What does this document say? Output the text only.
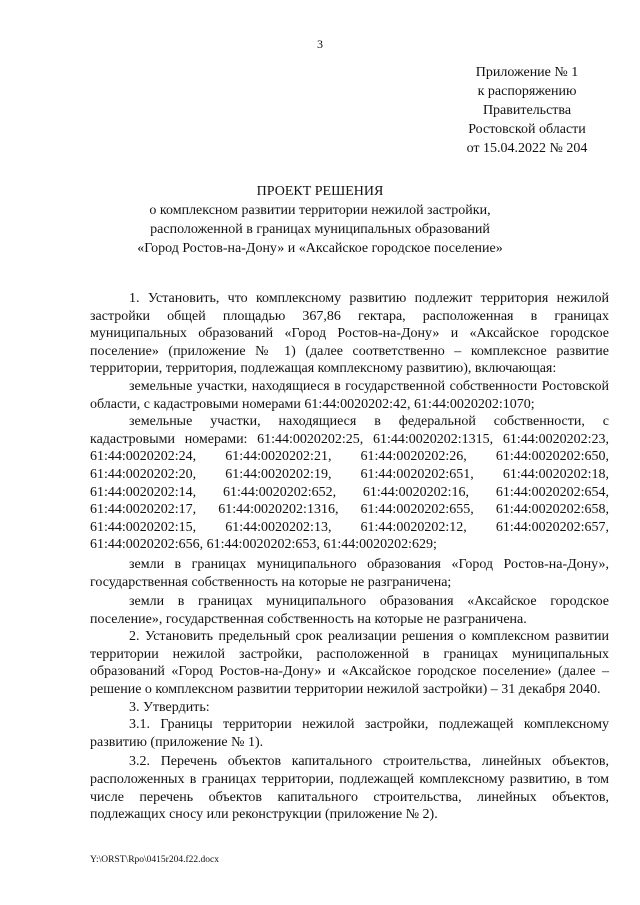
3
Приложение № 1
к распоряжению
Правительства
Ростовской области
от 15.04.2022 № 204
ПРОЕКТ РЕШЕНИЯ
о комплексном развитии территории нежилой застройки,
расположенной в границах муниципальных образований
«Город Ростов-на-Дону» и «Аксайское городское поселение»

1. Установить, что комплексному развитию подлежит территория нежилой застройки общей площадью 367,86 гектара, расположенная в границах муниципальных образований «Город Ростов-на-Дону» и «Аксайское городское поселение» (приложение № 1) (далее соответственно – комплексное развитие территории, территория, подлежащая комплексному развитию), включающая:

земельные участки, находящиеся в государственной собственности Ростовской области, с кадастровыми номерами 61:44:0020202:42, 61:44:0020202:1070;

земельные участки, находящиеся в федеральной собственности, с кадастровыми номерами: 61:44:0020202:25, 61:44:0020202:1315, 61:44:0020202:23, 61:44:0020202:24, 61:44:0020202:21, 61:44:0020202:26, 61:44:0020202:650, 61:44:0020202:20, 61:44:0020202:19, 61:44:0020202:651, 61:44:0020202:18, 61:44:0020202:14, 61:44:0020202:652, 61:44:0020202:16, 61:44:0020202:654, 61:44:0020202:17, 61:44:0020202:1316, 61:44:0020202:655, 61:44:0020202:658, 61:44:0020202:15, 61:44:0020202:13, 61:44:0020202:12, 61:44:0020202:657, 61:44:0020202:656, 61:44:0020202:653, 61:44:0020202:629;

земли в границах муниципального образования «Город Ростов-на-Дону», государственная собственность на которые не разграничена;

земли в границах муниципального образования «Аксайское городское поселение», государственная собственность на которые не разграничена.

2. Установить предельный срок реализации решения о комплексном развитии территории нежилой застройки, расположенной в границах муниципальных образований «Город Ростов-на-Дону» и «Аксайское городское поселение» (далее – решение о комплексном развитии территории нежилой застройки) – 31 декабря 2040.

3. Утвердить:

3.1. Границы территории нежилой застройки, подлежащей комплексному развитию (приложение № 1).

3.2. Перечень объектов капитального строительства, линейных объектов, расположенных в границах территории, подлежащей комплексному развитию, в том числе перечень объектов капитального строительства, линейных объектов, подлежащих сносу или реконструкции (приложение № 2).

Y:\ORST\Rpo\0415r204.f22.docx
